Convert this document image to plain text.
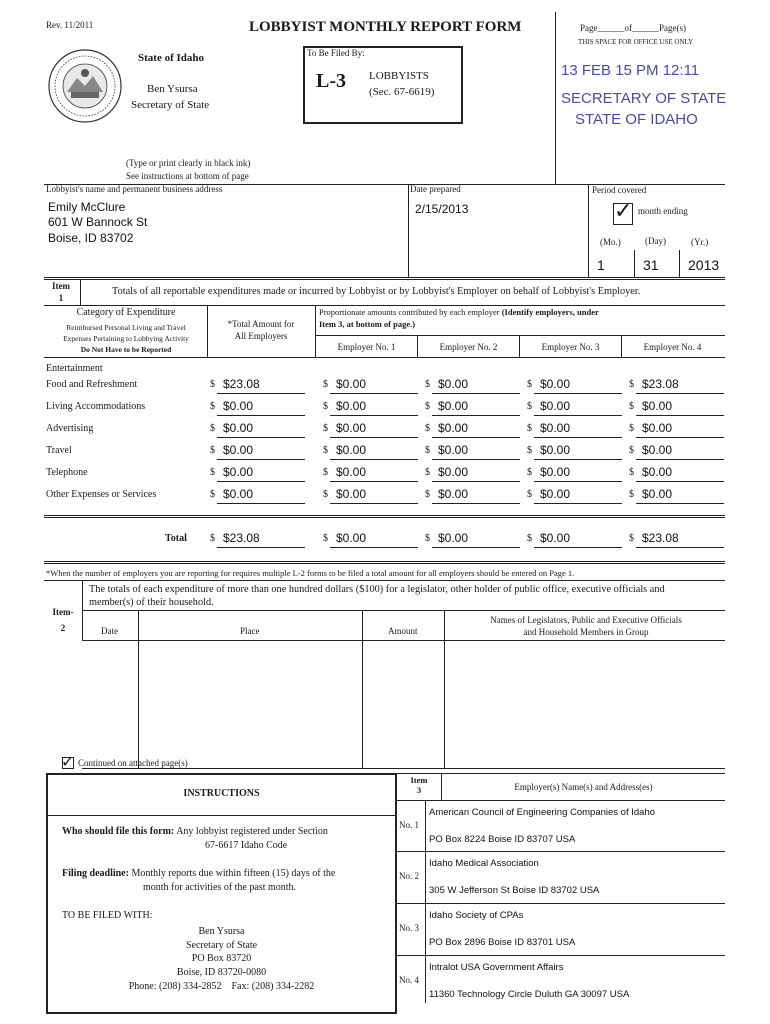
Rev. 11/2011	LOBBYIST MONTHLY REPORT FORM	Page______of______Page(s)
THIS SPACE FOR OFFICE USE ONLY
State of Idaho
Ben Ysursa
Secretary of State
To Be Filed By:
L-3 LOBBYISTS
(Sec. 67-6619)
13 FEB 15 PM 12:11
SECRETARY OF STATE
STATE OF IDAHO
(Type or print clearly in black ink)
See instructions at bottom of page
Lobbyist's name and permanent business address
Emily McClure
601 W Bannock St
Boise, ID 83702
Date prepared
2/15/2013
Period covered
✓ month ending
(Mo.)	(Day)	(Yr.)
1	31 2013
Item
1
Totals of all reportable expenditures made or incurred by Lobbyist or by Lobbyist's Employer on behalf of Lobbyist's Employer.
Category of Expenditure
Reimbursed Personal Living and Travel
Expenses Pertaining to Lobbying Activity
Do Not Have to be Reported
*Total Amount for
All Employers
Proportionate amounts contributed by each employer (Identify employers, under
Item 3, at bottom of page.)
Employer No. 1	Employer No. 2	Employer No. 3	Employer No. 4
Entertainment
Food and Refreshment	$ $23.08	$ $0.00	$ $0.00	$ $0.00	$ $23.08
Living Accommodations	$ $0.00	$ $0.00	$ $0.00	$ $0.00	$ $0.00
Advertising	$ $0.00	$ $0.00	$ $0.00	$ $0.00	$ $0.00
Travel	$ $0.00	$ $0.00	$ $0.00	$ $0.00	$ $0.00
Telephone	$ $0.00	$ $0.00	$ $0.00	$ $0.00	$ $0.00
Other Expenses or Services	$ $0.00	$ $0.00	$ $0.00	$ $0.00	$ $0.00
Total $ $23.08	$ $0.00	$ $0.00	$ $0.00	$ $23.08
*When the number of employers you are reporting for requires multiple L-2 forms to be filed a total amount for all employers should be entered on Page 1.
Item-
2
The totals of each expenditure of more than one hundred dollars ($100) for a legislator, other holder of public office, executive officials and
member(s) of their household.
Date	Place	Amount
Names of Legislators, Public and Executive Officials
and Household Members in Group
✓ Continued on attached page(s)
INSTRUCTIONS
Who should file this form: Any lobbyist registered under Section
67-6617 Idaho Code
Filing deadline: Monthly reports due within fifteen (15) days of the
month for activities of the past month.
TO BE FILED WITH:
Ben Ysursa
Secretary of State
PO Box 83720
Boise, ID 83720-0080
Phone: (208) 334-2852 Fax: (208) 334-2282
Item
3	Employer(s) Name(s) and Address(es)
No. 1
American Council of Engineering Companies of Idaho
PO Box 8224 Boise ID 83707 USA
No. 2
Idaho Medical Association
305 W Jefferson St Boise ID 83702 USA
No. 3
Idaho Society of CPAs
PO Box 2896 Boise ID 83701 USA
No. 4
Intralot USA Government Affairs
11360 Technology Circle Duluth GA 30097 USA
